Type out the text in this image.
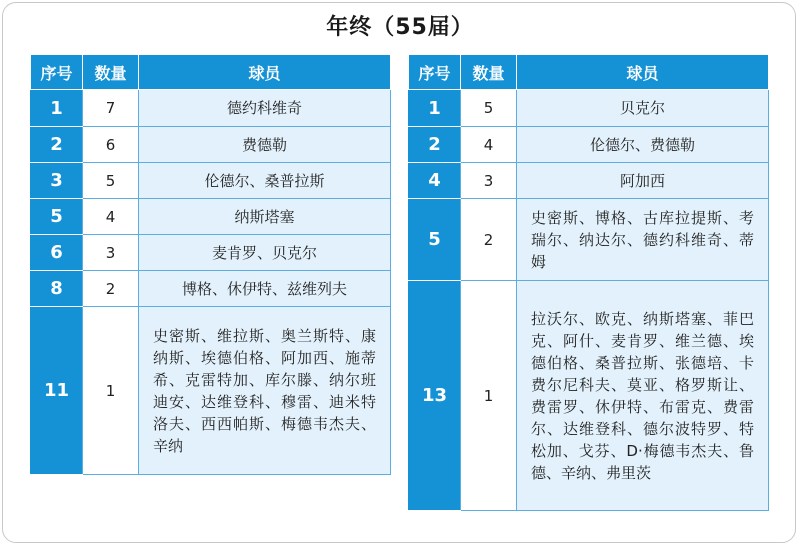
年终（55届）
序号	数量	球员
1	7	德约科维奇
2	6	费德勒
3	5	伦德尔、桑普拉斯
5	4	纳斯塔塞
6	3	麦肯罗、贝克尔
8	2	博格、休伊特、兹维列夫
11	1	史密斯、维拉斯、奥兰斯特、康纳斯、埃德伯格、阿加西、施蒂希、克雷特加、库尔滕、纳尔班迪安、达维登科、穆雷、迪米特洛夫、西西帕斯、梅德韦杰夫、辛纳
序号	数量	球员
1	5	贝克尔
2	4	伦德尔、费德勒
4	3	阿加西
5	2	史密斯、博格、古库拉提斯、考瑞尔、纳达尔、德约科维奇、蒂姆
13	1	拉沃尔、欧克、纳斯塔塞、菲巴克、阿什、麦肯罗、维兰德、埃德伯格、桑普拉斯、张德培、卡费尔尼科夫、莫亚、格罗斯让、费雷罗、休伊特、布雷克、费雷尔、达维登科、德尔波特罗、特松加、戈芬、D·梅德韦杰夫、鲁德、辛纳、弗里茨
